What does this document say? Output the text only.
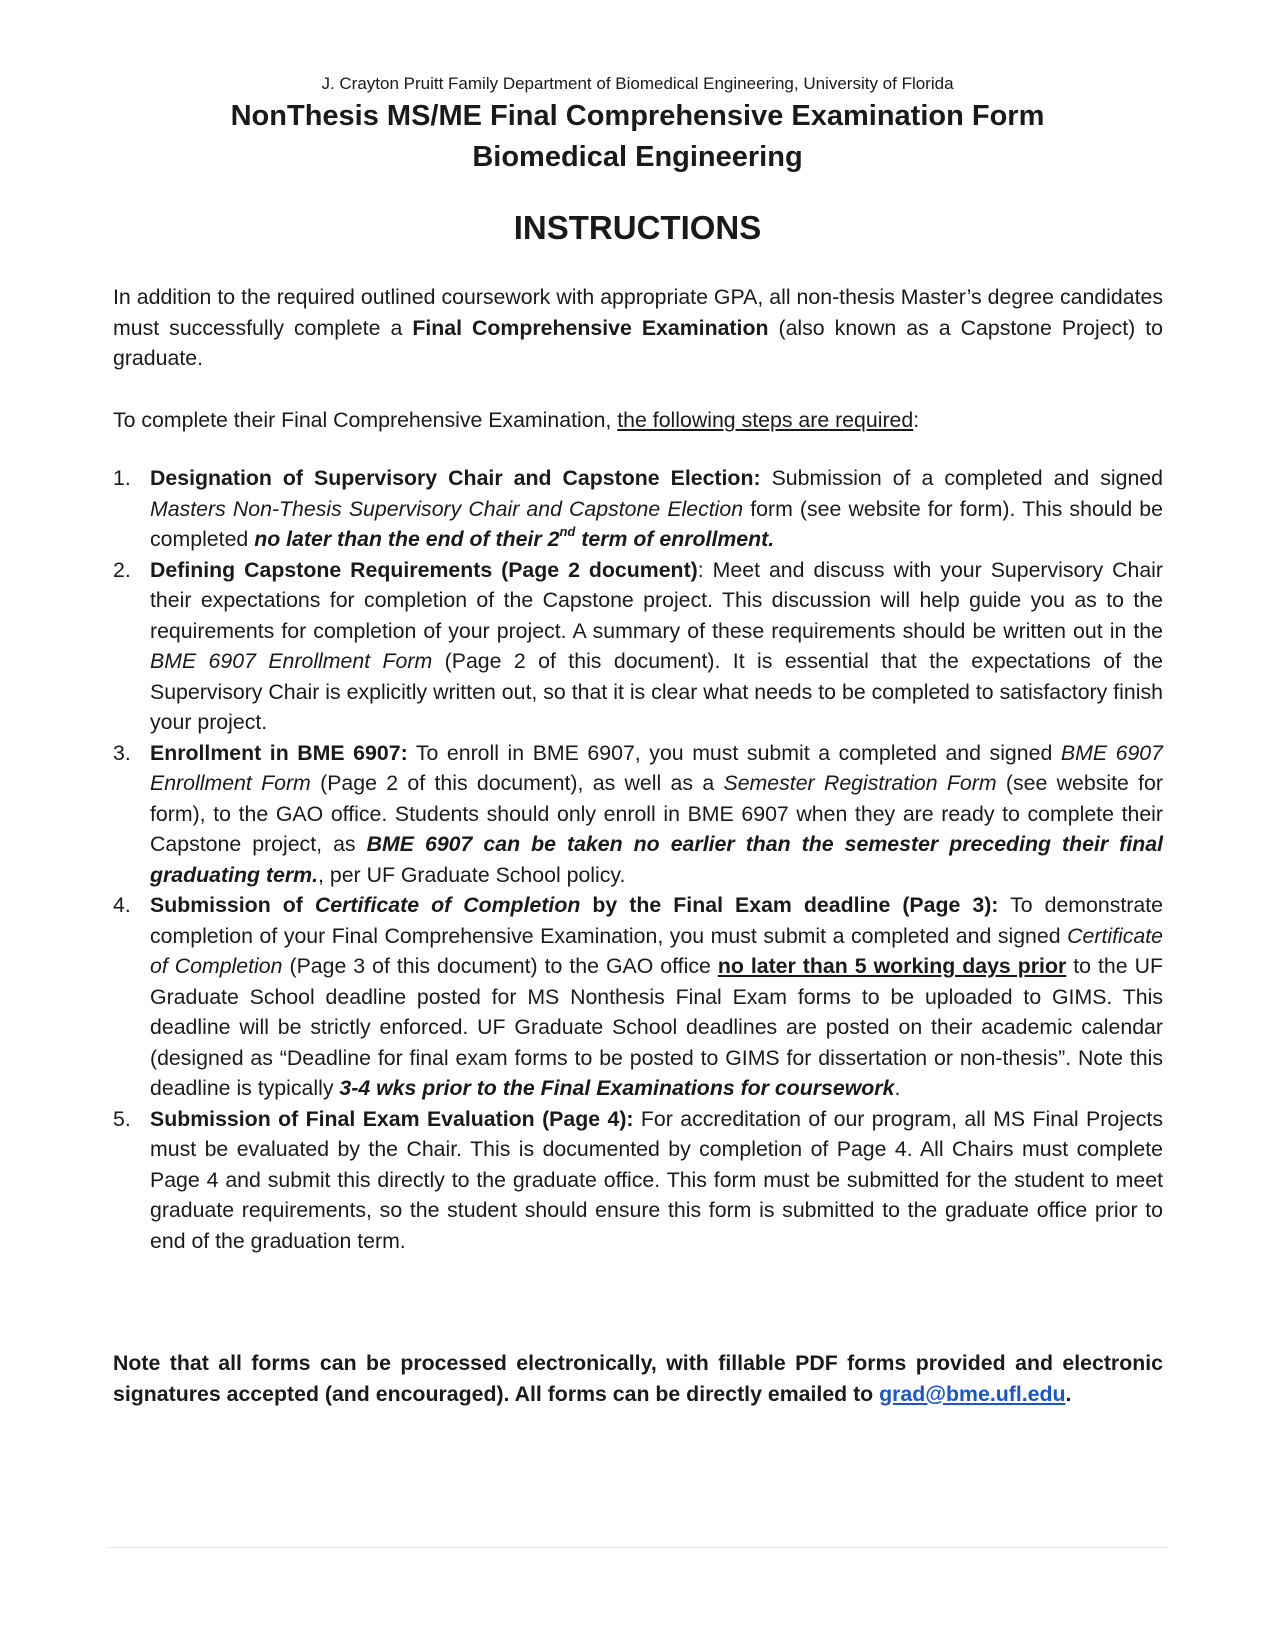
J. Crayton Pruitt Family Department of Biomedical Engineering, University of Florida
NonThesis MS/ME Final Comprehensive Examination Form
Biomedical Engineering
INSTRUCTIONS
In addition to the required outlined coursework with appropriate GPA, all non-thesis Master’s degree candidates must successfully complete a Final Comprehensive Examination (also known as a Capstone Project) to graduate.
To complete their Final Comprehensive Examination, the following steps are required:
1. Designation of Supervisory Chair and Capstone Election: Submission of a completed and signed Masters Non-Thesis Supervisory Chair and Capstone Election form (see website for form). This should be completed no later than the end of their 2nd term of enrollment.
2. Defining Capstone Requirements (Page 2 document): Meet and discuss with your Supervisory Chair their expectations for completion of the Capstone project. This discussion will help guide you as to the requirements for completion of your project. A summary of these requirements should be written out in the BME 6907 Enrollment Form (Page 2 of this document). It is essential that the expectations of the Supervisory Chair is explicitly written out, so that it is clear what needs to be completed to satisfactory finish your project.
3. Enrollment in BME 6907: To enroll in BME 6907, you must submit a completed and signed BME 6907 Enrollment Form (Page 2 of this document), as well as a Semester Registration Form (see website for form), to the GAO office. Students should only enroll in BME 6907 when they are ready to complete their Capstone project, as BME 6907 can be taken no earlier than the semester preceding their final graduating term., per UF Graduate School policy.
4. Submission of Certificate of Completion by the Final Exam deadline (Page 3): To demonstrate completion of your Final Comprehensive Examination, you must submit a completed and signed Certificate of Completion (Page 3 of this document) to the GAO office no later than 5 working days prior to the UF Graduate School deadline posted for MS Nonthesis Final Exam forms to be uploaded to GIMS. This deadline will be strictly enforced. UF Graduate School deadlines are posted on their academic calendar (designed as “Deadline for final exam forms to be posted to GIMS for dissertation or non-thesis”. Note this deadline is typically 3-4 wks prior to the Final Examinations for coursework.
5. Submission of Final Exam Evaluation (Page 4): For accreditation of our program, all MS Final Projects must be evaluated by the Chair. This is documented by completion of Page 4. All Chairs must complete Page 4 and submit this directly to the graduate office. This form must be submitted for the student to meet graduate requirements, so the student should ensure this form is submitted to the graduate office prior to end of the graduation term.
Note that all forms can be processed electronically, with fillable PDF forms provided and electronic signatures accepted (and encouraged). All forms can be directly emailed to grad@bme.ufl.edu.
